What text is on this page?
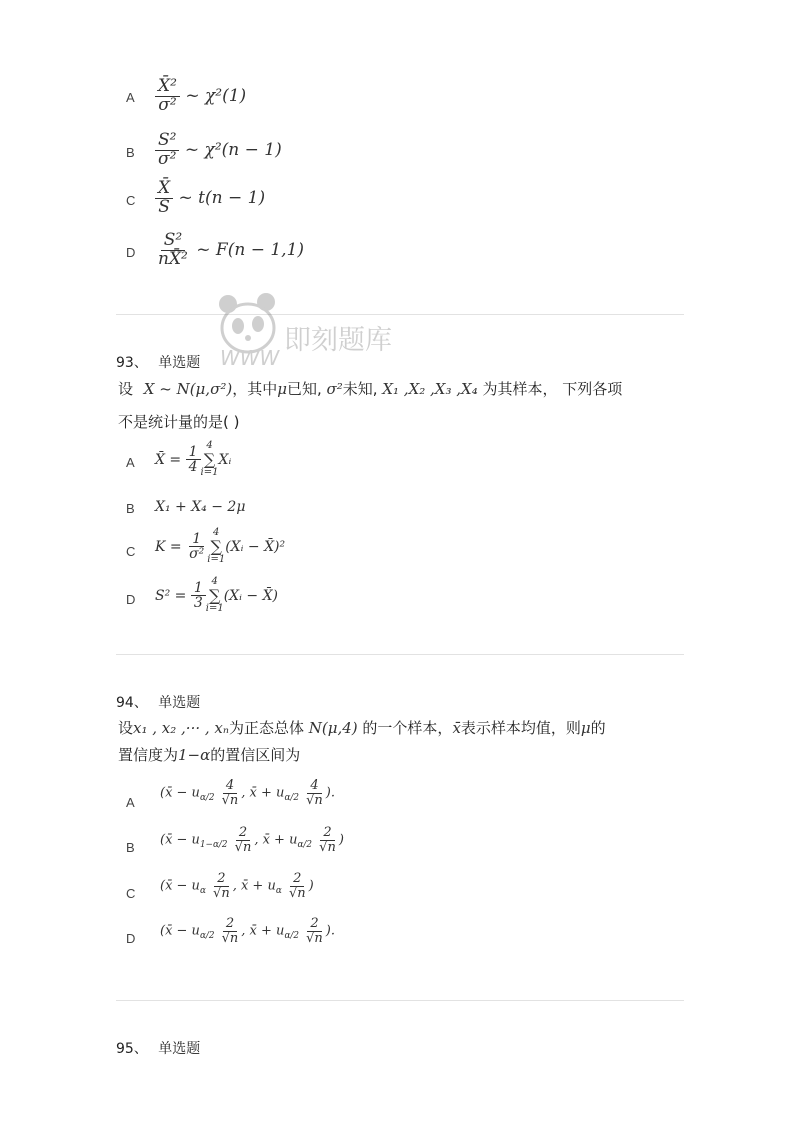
A $\frac{\text{X̄²}}{\text{σ²}}$ ~ χ²(1)
B $\frac{\text{S²}}{\text{σ²}}$ ~ χ²(n − 1)
C $\frac{X̄}{S}$ ~ t(n − 1)
D $\frac{\text{S²}}{\text{nX̄²}}$ ~ F(n − 1,1)
即刻题库
WWW
93、 单选题
设 X ~ N(μ,σ²)，其中μ已知, σ²未知, X₁ ,X₂ ,X₃ ,X₄ 为其样本， 下列各项
不是统计量的是( )
A X̄ = $\frac{1}{4} 4$
∑
i=1
Xᵢ
B X₁ + X₄ − 2μ
C $K = \frac{1}{\text{σ²}} 4$
∑
i=1
(Xᵢ − X̄)²
D $S^2 = \frac{1}{3} 4$
∑
i=1
(Xᵢ − X̄)
94、 单选题
设x₁ , x₂ ,··· , xₙ为正态总体 N(μ,4) 的一个样本，x̄表示样本均值，则μ的
置信度为1−α的置信区间为
A
(x̄ − $u_{\alpha/2} \frac{4}{√n}$ , x̄ + $u_{\alpha/2} \frac{4}{√n}$ ).
B (x̄ − $u_{1-\alpha/2} \frac{2}{√n}$ , x̄ + $u_{\alpha/2} \frac{2}{√n}$ )
C (x̄ − $u_\alpha \frac{2}{√n}$ , x̄ + $u_\alpha \frac{2}{√n}$ )
D (x̄ − $u_{\alpha/2} \frac{2}{√n}$ , x̄ + $u_{\alpha/2} \frac{2}{√n}$ ).
95、 单选题
